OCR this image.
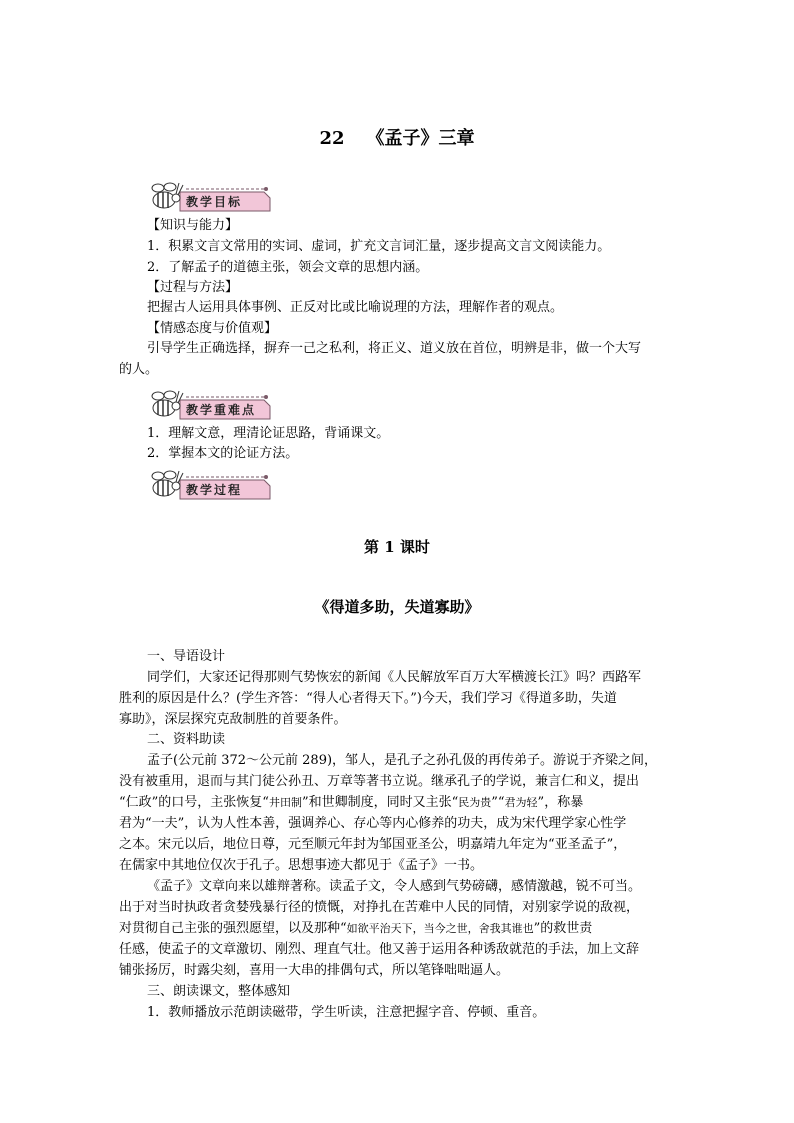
22 《孟子》三章
教学目标
【知识与能力】
1．积累文言文常用的实词、虚词，扩充文言词汇量，逐步提高文言文阅读能力。
2．了解孟子的道德主张，领会文章的思想内涵。
【过程与方法】
把握古人运用具体事例、正反对比或比喻说理的方法，理解作者的观点。
【情感态度与价值观】
引导学生正确选择，摒弃一己之私利，将正义、道义放在首位，明辨是非，做一个大写
的人。
教学重难点
1．理解文意，理清论证思路，背诵课文。
2．掌握本文的论证方法。
教学过程
第 1 课时
《得道多助，失道寡助》
一、导语设计
同学们，大家还记得那则气势恢宏的新闻《人民解放军百万大军横渡长江》吗？西路军
胜利的原因是什么？(学生齐答：“得人心者得天下。”)今天，我们学习《得道多助，失道
寡助》，深层探究克敌制胜的首要条件。
二、资料助读
孟子(公元前 372～公元前 289)，邹人，是孔子之孙孔伋的再传弟子。游说于齐梁之间，
没有被重用，退而与其门徒公孙丑、万章等著书立说。继承孔子的学说，兼言仁和义，提出
“仁政”的口号，主张恢复“井田制”和世卿制度，同时又主张“民为贵”“君为轻”，称暴
君为“一夫”，认为人性本善，强调养心、存心等内心修养的功夫，成为宋代理学家心性学
之本。宋元以后，地位日尊，元至顺元年封为邹国亚圣公，明嘉靖九年定为“亚圣孟子”，
在儒家中其地位仅次于孔子。思想事迹大都见于《孟子》一书。
《孟子》文章向来以雄辩著称。读孟子文，令人感到气势磅礴，感情激越，锐不可当。
出于对当时执政者贪婪残暴行径的愤慨，对挣扎在苦难中人民的同情，对别家学说的敌视，
对贯彻自己主张的强烈愿望，以及那种“如欲平治天下，当今之世，舍我其谁也”的救世责
任感，使孟子的文章激切、刚烈、理直气壮。他又善于运用各种诱敌就范的手法，加上文辞
铺张扬厉，时露尖刻，喜用一大串的排偶句式，所以笔锋咄咄逼人。
三、朗读课文，整体感知
1．教师播放示范朗读磁带，学生听读，注意把握字音、停顿、重音。
